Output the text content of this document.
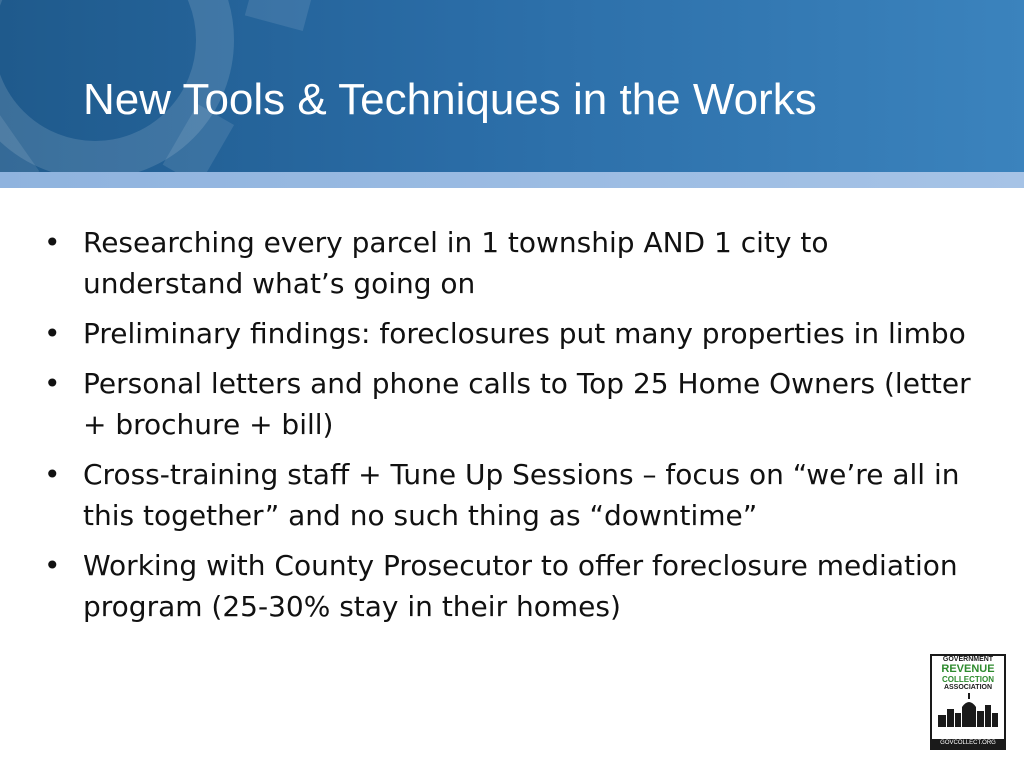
New Tools & Techniques in the Works
• Researching every parcel in 1 township AND 1 city to understand what’s going on
• Preliminary findings: foreclosures put many properties in limbo
• Personal letters and phone calls to Top 25 Home Owners (letter + brochure + bill)
• Cross-training staff + Tune Up Sessions – focus on “we’re all in this together” and no such thing as “downtime”
• Working with County Prosecutor to offer foreclosure mediation program (25-30% stay in their homes)
GOVERNMENT
REVENUE
COLLECTION
ASSOCIATION
GOVCOLLECT.ORG
